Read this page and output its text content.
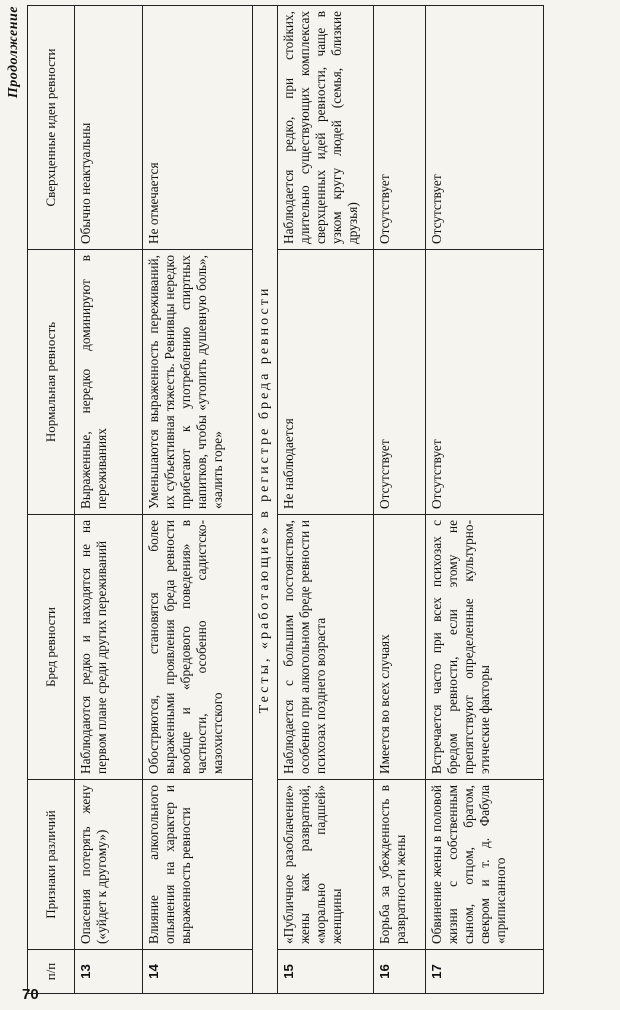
70
Продолжение
п/п	Признаки различий	Бред ревности	Нормальная ревность	Сверхценные идеи ревности
13	Опасения потерять жену («уйдет к другому»)	Наблюдаются редко и находятся не на первом плане среди других переживаний	Выраженные, нередко доминируют в переживаниях	Обычно неактуальны
14	Влияние алкогольного опьянения на характер и выраженность ревности	Обостряются, становятся более выраженными проявления бреда ревности вообще и «бредового поведения» в частности, особенно садистско-мазохистского	Уменьшаются выраженность переживаний, их субъективная тяжесть. Ревнивцы нередко прибегают к употреблению спиртных напитков, чтобы «утопить душевную боль», «залить горе»	Не отмечается
Тесты, «работающие» в регистре бреда ревности				
15	«Публичное разоблачение» жены как развратной, «морально падшей» женщины	Наблюдается с большим постоянством, особенно при алкогольном бреде ревности и психозах позднего возраста	Не наблюдается	Наблюдается редко, при стойких, длительно существующих комплексах сверхценных идей ревности, чаще в узком кругу людей (семья, близкие друзья)
16	Борьба за убежденность в развратности жены	Имеется во всех случаях	Отсутствует	Отсутствует
17	Обвинение жены в половой жизни с собственным сыном, отцом, братом, свекром и т. д. Фабула «приписанного	Встречается часто при всех психозах с бредом ревности, если этому не препятствуют определенные культурно-этические факторы	Отсутствует	Отсутствует
